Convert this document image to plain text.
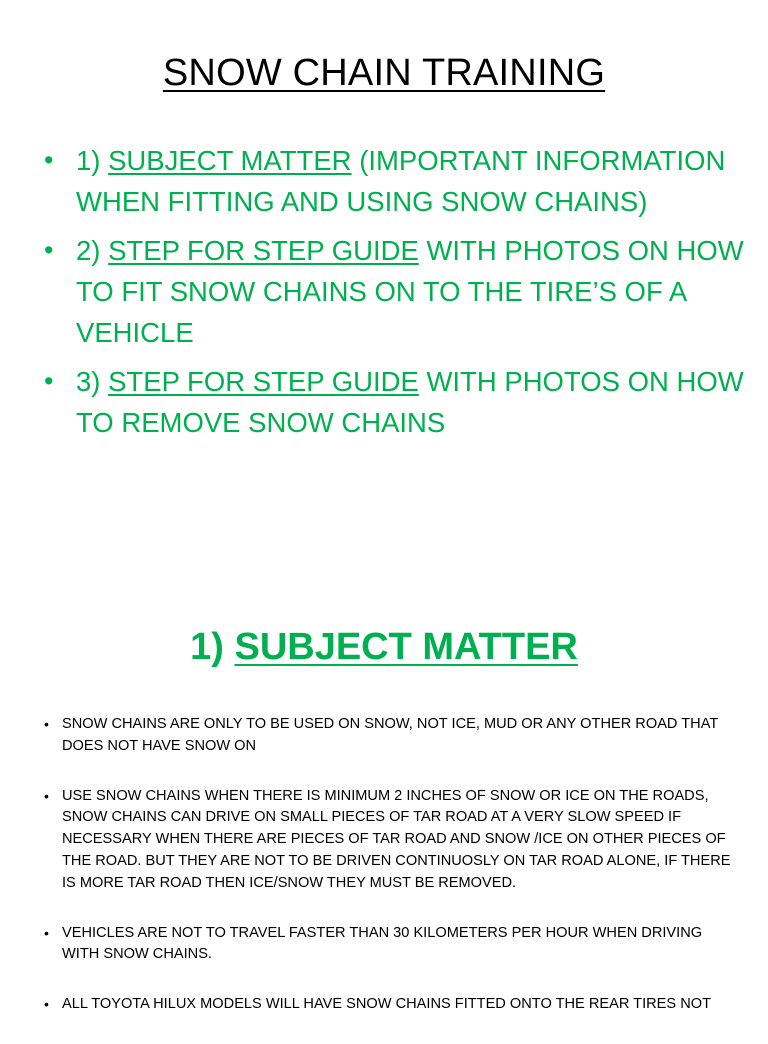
SNOW CHAIN TRAINING
• 1) SUBJECT MATTER (IMPORTANT INFORMATION WHEN FITTING AND USING SNOW CHAINS)
• 2) STEP FOR STEP GUIDE WITH PHOTOS ON HOW TO FIT SNOW CHAINS ON TO THE TIRE’S OF A VEHICLE
• 3) STEP FOR STEP GUIDE WITH PHOTOS ON HOW TO REMOVE SNOW CHAINS
1) SUBJECT MATTER
• SNOW CHAINS ARE ONLY TO BE USED ON SNOW, NOT ICE, MUD OR ANY OTHER ROAD THAT DOES NOT HAVE SNOW ON
• USE SNOW CHAINS WHEN THERE IS MINIMUM 2 INCHES OF SNOW OR ICE ON THE ROADS, SNOW CHAINS CAN DRIVE ON SMALL PIECES OF TAR ROAD AT A VERY SLOW SPEED IF NECESSARY WHEN THERE ARE PIECES OF TAR ROAD AND SNOW /ICE ON OTHER PIECES OF THE ROAD. BUT THEY ARE NOT TO BE DRIVEN CONTINUOSLY ON TAR ROAD ALONE, IF THERE IS MORE TAR ROAD THEN ICE/SNOW THEY MUST BE REMOVED.
• VEHICLES ARE NOT TO TRAVEL FASTER THAN 30 KILOMETERS PER HOUR WHEN DRIVING WITH SNOW CHAINS.
• ALL TOYOTA HILUX MODELS WILL HAVE SNOW CHAINS FITTED ONTO THE REAR TIRES NOT
